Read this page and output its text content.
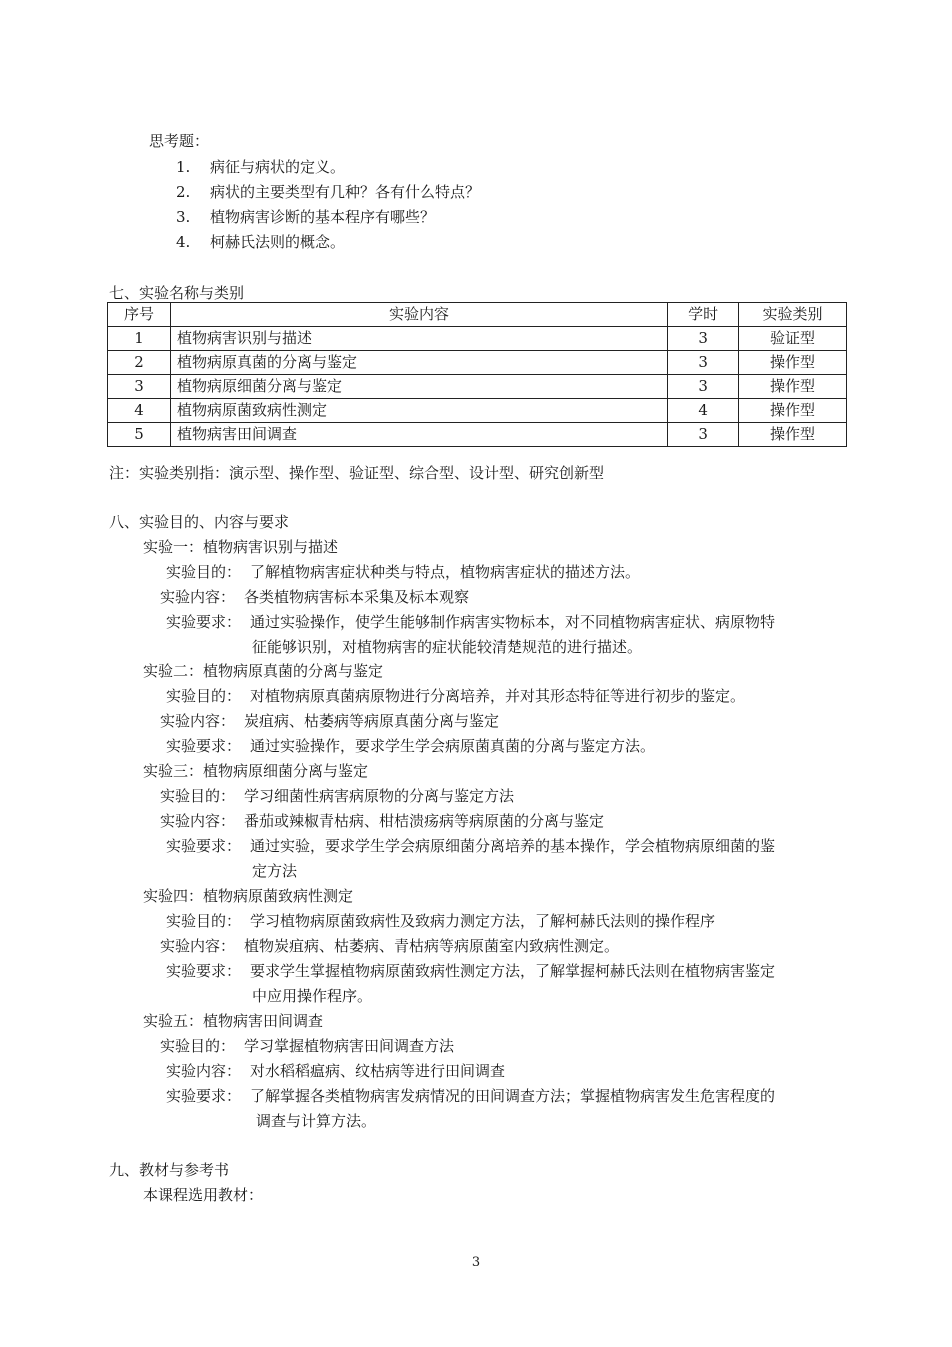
思考题：
1. 病征与病状的定义。
2. 病状的主要类型有几种？各有什么特点？
3. 植物病害诊断的基本程序有哪些？
4. 柯赫氏法则的概念。
七、实验名称与类别
序号	实验内容	学时	实验类别
1	植物病害识别与描述	3	验证型
2	植物病原真菌的分离与鉴定	3	操作型
3	植物病原细菌分离与鉴定	3	操作型
4	植物病原菌致病性测定	4	操作型
5	植物病害田间调查	3	操作型
注：实验类别指：演示型、操作型、验证型、综合型、设计型、研究创新型
八、实验目的、内容与要求
实验一：植物病害识别与描述
实验目的： 了解植物病害症状种类与特点，植物病害症状的描述方法。
实验内容： 各类植物病害标本采集及标本观察
实验要求： 通过实验操作，使学生能够制作病害实物标本，对不同植物病害症状、病原物特
征能够识别，对植物病害的症状能较清楚规范的进行描述。
实验二：植物病原真菌的分离与鉴定
实验目的： 对植物病原真菌病原物进行分离培养，并对其形态特征等进行初步的鉴定。
实验内容： 炭疽病、枯萎病等病原真菌分离与鉴定
实验要求： 通过实验操作，要求学生学会病原菌真菌的分离与鉴定方法。
实验三：植物病原细菌分离与鉴定
实验目的： 学习细菌性病害病原物的分离与鉴定方法
实验内容： 番茄或辣椒青枯病、柑桔溃疡病等病原菌的分离与鉴定
实验要求： 通过实验，要求学生学会病原细菌分离培养的基本操作，学会植物病原细菌的鉴
定方法
实验四：植物病原菌致病性测定
实验目的： 学习植物病原菌致病性及致病力测定方法，了解柯赫氏法则的操作程序
实验内容： 植物炭疽病、枯萎病、青枯病等病原菌室内致病性测定。
实验要求： 要求学生掌握植物病原菌致病性测定方法，了解掌握柯赫氏法则在植物病害鉴定
中应用操作程序。
实验五：植物病害田间调查
实验目的： 学习掌握植物病害田间调查方法
实验内容： 对水稻稻瘟病、纹枯病等进行田间调查
实验要求： 了解掌握各类植物病害发病情况的田间调查方法；掌握植物病害发生危害程度的
调查与计算方法。
九、教材与参考书
本课程选用教材：
3
